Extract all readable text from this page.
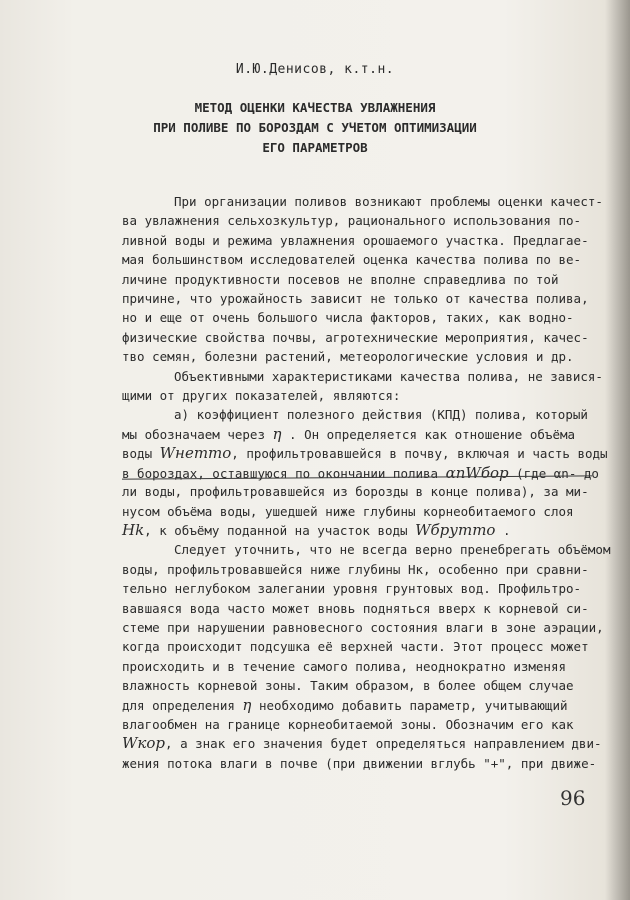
И.Ю.Денисов, к.т.н.
МЕТОД ОЦЕНКИ КАЧЕСТВА УВЛАЖНЕНИЯ
ПРИ ПОЛИВЕ ПО БОРОЗДАМ С УЧЕТОМ ОПТИМИЗАЦИИ
ЕГО ПАРАМЕТРОВ
При организации поливов возникают проблемы оценки качест-
ва увлажнения сельхозкультур, рационального использования по-
ливной воды и режима увлажнения орошаемого участка. Предлагае-
мая большинством исследователей оценка качества полива по ве-
личине продуктивности посевов не вполне справедлива по той
причине, что урожайность зависит не только от качества полива,
но и еще от очень большого числа факторов, таких, как водно-
физические свойства почвы, агротехнические мероприятия, качес-
тво семян, болезни растений, метеорологические условия и др.
Объективными характеристиками качества полива, не завися-
щими от других показателей, являются:
а) коэффициент полезного действия (КПД) полива, который
мы обозначаем через η . Он определяется как отношение объёма
воды Wнетто, профильтровавшейся в почву, включая и часть воды
в бороздах, оставшуюся по окончании полива αnWбор (где αn- до
ли воды, профильтровавшейся из борозды в конце полива), за ми-
нусом объёма воды, ушедшей ниже глубины корнеобитаемого слоя
Hk, к объёму поданной на участок воды Wбрутто .
Следует уточнить, что не всегда верно пренебрегать объёмом
воды, профильтровавшейся ниже глубины Hк, особенно при сравни-
тельно неглубоком залегании уровня грунтовых вод. Профильтро-
вавшаяся вода часто может вновь подняться вверх к корневой си-
стеме при нарушении равновесного состояния влаги в зоне аэрации,
когда происходит подсушка её верхней части. Этот процесс может
происходить и в течение самого полива, неоднократно изменяя
влажность корневой зоны. Таким образом, в более общем случае
для определения η необходимо добавить параметр, учитывающий
влагообмен на границе корнеобитаемой зоны. Обозначим его как
Wкор, а знак его значения будет определяться направлением дви-
жения потока влаги в почве (при движении вглубь "+", при движе-
96
